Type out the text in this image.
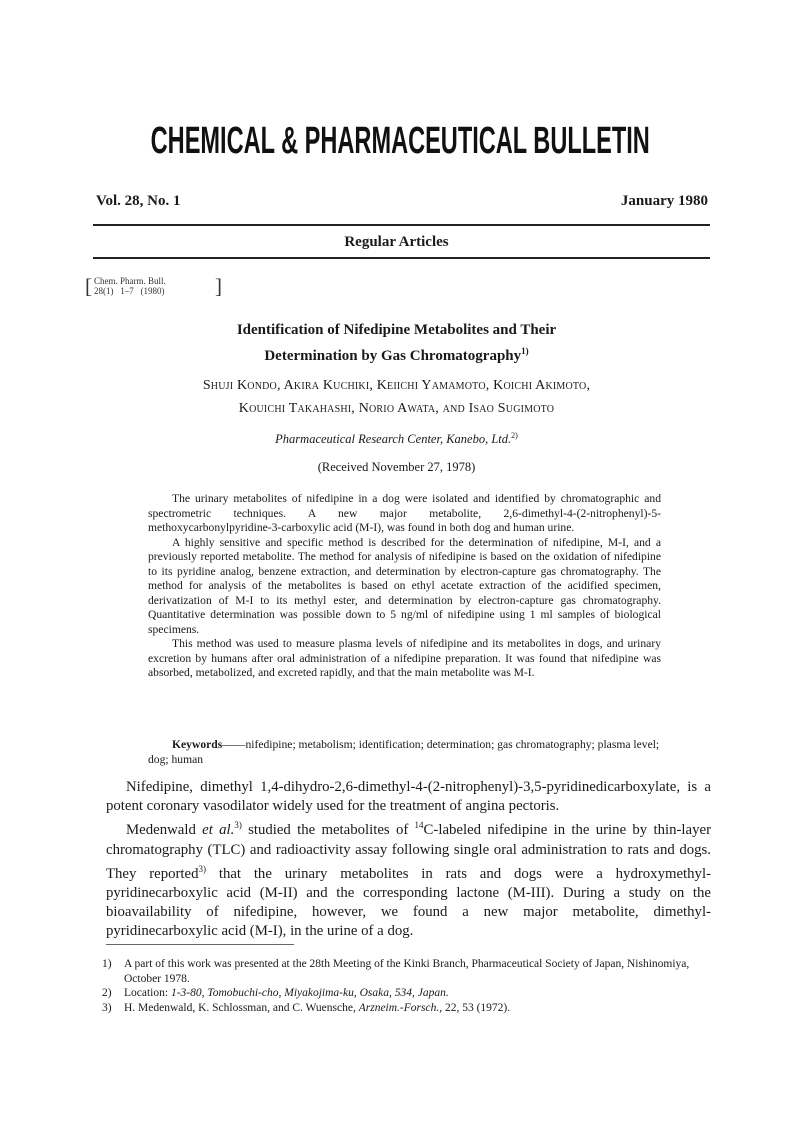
CHEMICAL & PHARMACEUTICAL BULLETIN
Vol. 28, No. 1	January 1980
Regular Articles
[ Chem. Pharm. Bull.
28(1)   1–7   (1980) ]
Identification of Nifedipine Metabolites and Their
Determination by Gas Chromatography$^{1)}$
Shuji Kondo, Akira Kuchiki, Keiichi Yamamoto, Koichi Akimoto,
Kouichi Takahashi, Norio Awata, and Isao Sugimoto
Pharmaceutical Research Center, Kanebo, Ltd.$^{2)}$
(Received November 27, 1978)

The urinary metabolites of nifedipine in a dog were isolated and identified by chromatographic and spectrometric techniques. A new major metabolite, 2,6-dimethyl-4-(2-nitrophenyl)-5-methoxycarbonylpyridine-3-carboxylic acid (M-I), was found in both dog and human urine.

A highly sensitive and specific method is described for the determination of nifedipine, M-I, and a previously reported metabolite. The method for analysis of nifedipine is based on the oxidation of nifedipine to its pyridine analog, benzene extraction, and determination by electron-capture gas chromatography. The method for analysis of the metabolites is based on ethyl acetate extraction of the acidified specimen, derivatization of M-I to its methyl ester, and determination by electron-capture gas chromatography. Quantitative determination was possible down to 5 ng/ml of nifedipine using 1 ml samples of biological specimens.

This method was used to measure plasma levels of nifedipine and its metabolites in dogs, and urinary excretion by humans after oral administration of a nifedipine preparation. It was found that nifedipine was absorbed, metabolized, and excreted rapidly, and that the main metabolite was M-I.

Keywords——nifedipine; metabolism; identification; determination; gas chromatography; plasma level; dog; human

Nifedipine, dimethyl 1,4-dihydro-2,6-dimethyl-4-(2-nitrophenyl)-3,5-pyridinedicarboxylate, is a potent coronary vasodilator widely used for the treatment of angina pectoris.

Medenwald et al.$^{3)}$ studied the metabolites of $^{14}$C-labeled nifedipine in the urine by thin-layer chromatography (TLC) and radioactivity assay following single oral administration to rats and dogs. They reported$^{3)}$ that the urinary metabolites in rats and dogs were a hydroxymethyl-pyridinecarboxylic acid (M-II) and the corresponding lactone (M-III). During a study on the bioavailability of nifedipine, however, we found a new major metabolite, dimethyl-pyridinecarboxylic acid (M-I), in the urine of a dog.

1) A part of this work was presented at the 28th Meeting of the Kinki Branch, Pharmaceutical Society of Japan, Nishinomiya, October 1978.
2) Location: 1-3-80, Tomobuchi-cho, Miyakojima-ku, Osaka, 534, Japan.
3) H. Medenwald, K. Schlossman, and C. Wuensche, Arzneim.-Forsch., 22, 53 (1972).
